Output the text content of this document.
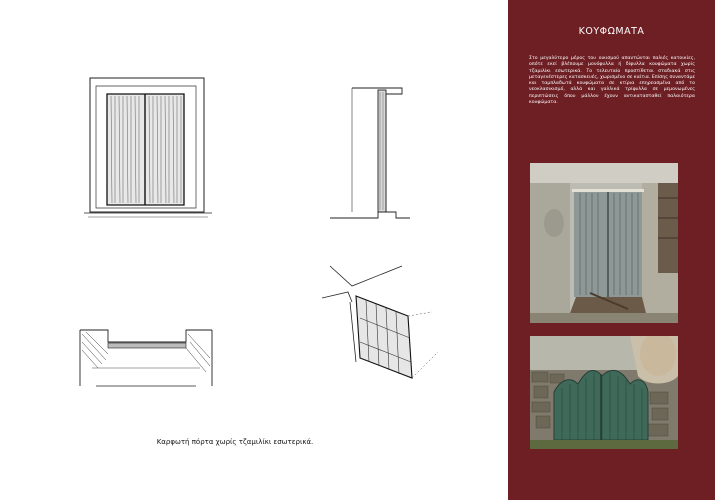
Καρφωτή πόρτα χωρίς τζαμιλίκι εσωτερικά.
ΚΟΥΦΩΜΑΤΑ
Στο μεγαλύτερο μέρος του οικισμού απαντώνται παλιές κατοικίες, οπότε εκεί βλέπουμε μονόφυλλα ή δίφυλλα κουφώματα χωρίς τζαμιλίκι εσωτερικά. Το τελευταίο προστίθεται σταδιακά στις μεταγενέστερες κατασκευές, χωρισμένο σε καίτια. Επίσης συναντάμε και ταμπλαδωτά κουφώματα σε κτίρια επηρεασμένα από το νεοκλασικισμό, αλλά και γαλλικά τρίφυλλα σε μεμονωμένες περιπτώσεις όπου μάλλον έχουν αντικατασταθεί παλαιότερα κουφώματα.
